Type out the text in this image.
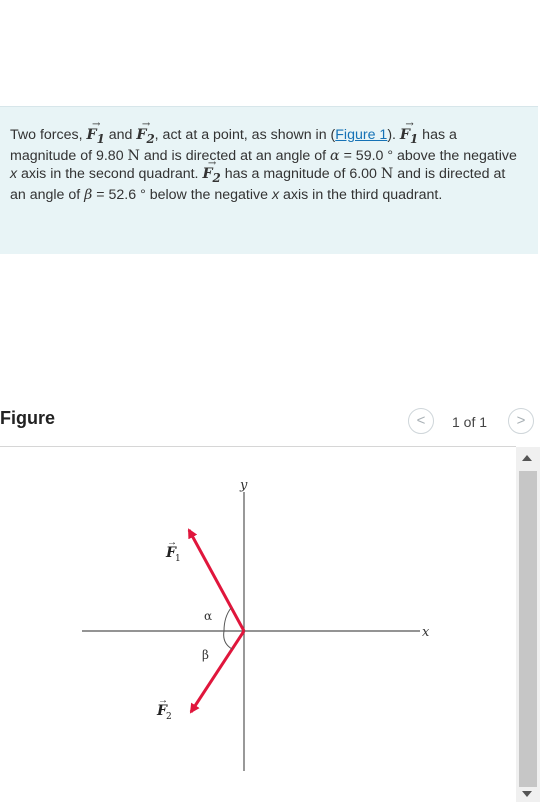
Two forces, → $F_1$ and → $F_2$, act at a point, as shown in (Figure 1). → $F_1$ has a magnitude of 9.80 N and is directed at an angle of α = 59.0 ° above the negative x axis in the second quadrant. → $F_2$ has a magnitude of 6.00 N and is directed at an angle of β = 52.6 ° below the negative x axis in the third quadrant.

Figure	<	1 of 1	>
y
x
α
β
F 1
→
F 2
→
